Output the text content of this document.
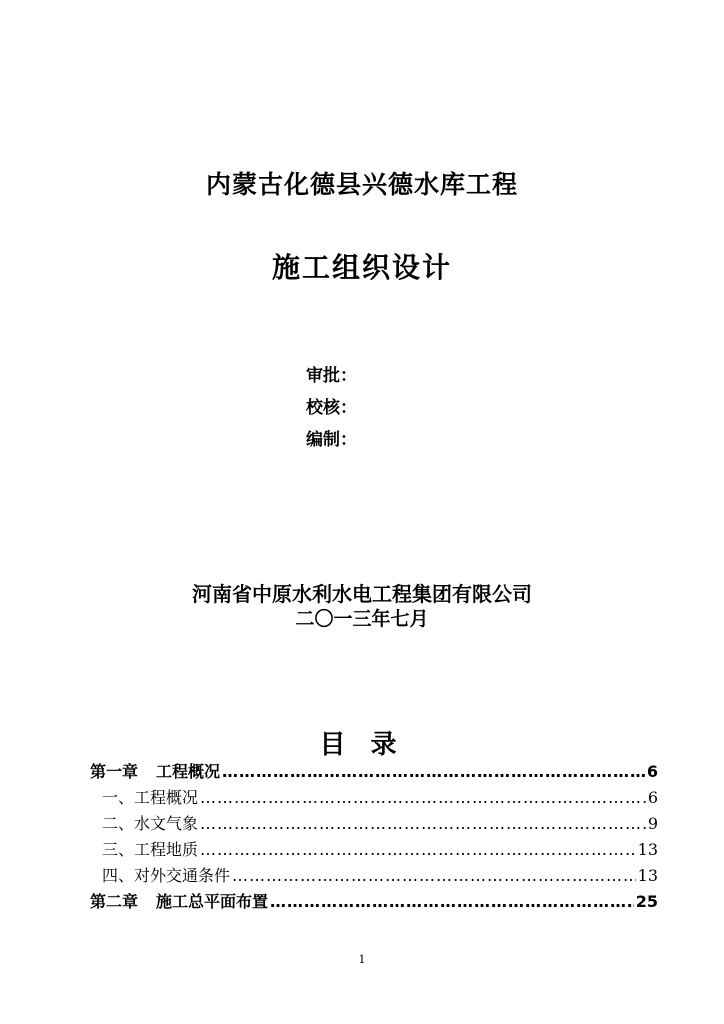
内蒙古化德县兴德水库工程
施工组织设计
审批：
校核：
编制：
河南省中原水利水电工程集团有限公司
二〇一三年七月
目 录
第一章 工程概况 …………………………………………………………………………………………………………………………………………	6
一、工程概况 …………………………………………………………………………………………………………………………………………	6
二、水文气象 …………………………………………………………………………………………………………………………………………	9
三、工程地质 …………………………………………………………………………………………………………………………………………	13
四、对外交通条件 …………………………………………………………………………………………………………………………………………	13
第二章 施工总平面布置 …………………………………………………………………………………………………………………………………………	25
1
